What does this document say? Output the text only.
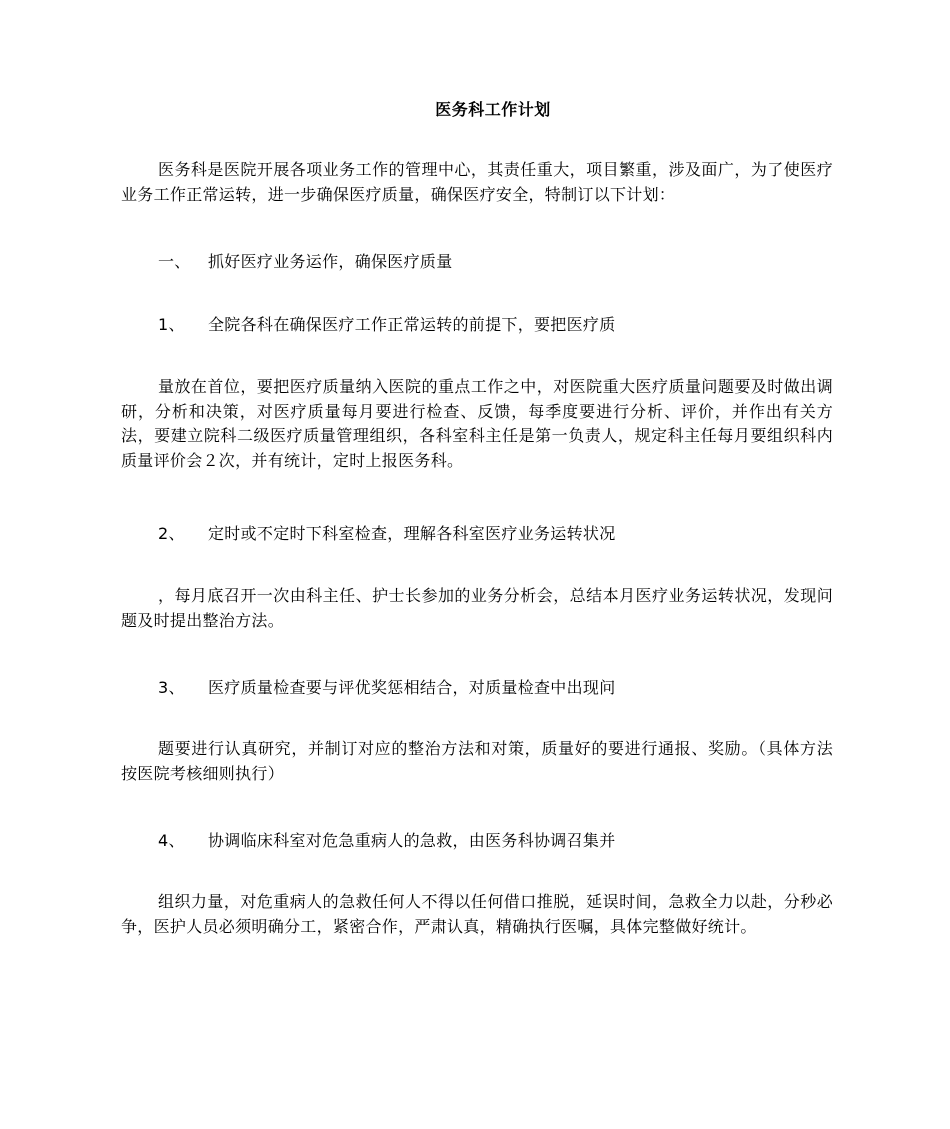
医务科工作计划

医务科是医院开展各项业务工作的管理中心，其责任重大，项目繁重，涉及面广，为了使医疗业务工作正常运转，进一步确保医疗质量，确保医疗安全，特制订以下计划：

一、 抓好医疗业务运作，确保医疗质量
1、 全院各科在确保医疗工作正常运转的前提下，要把医疗质

量放在首位，要把医疗质量纳入医院的重点工作之中，对医院重大医疗质量问题要及时做出调研，分析和决策，对医疗质量每月要进行检查、反馈，每季度要进行分析、评价，并作出有关方法，要建立院科二级医疗质量管理组织，各科室科主任是第一负责人，规定科主任每月要组织科内质量评价会２次，并有统计，定时上报医务科。

2、 定时或不定时下科室检查，理解各科室医疗业务运转状况

，每月底召开一次由科主任、护士长参加的业务分析会，总结本月医疗业务运转状况，发现问题及时提出整治方法。

3、 医疗质量检查要与评优奖惩相结合，对质量检查中出现问

题要进行认真研究，并制订对应的整治方法和对策，质量好的要进行通报、奖励。（具体方法按医院考核细则执行）

4、 协调临床科室对危急重病人的急救，由医务科协调召集并

组织力量，对危重病人的急救任何人不得以任何借口推脱，延误时间，急救全力以赴，分秒必争，医护人员必须明确分工，紧密合作，严肃认真，精确执行医嘱，具体完整做好统计。
